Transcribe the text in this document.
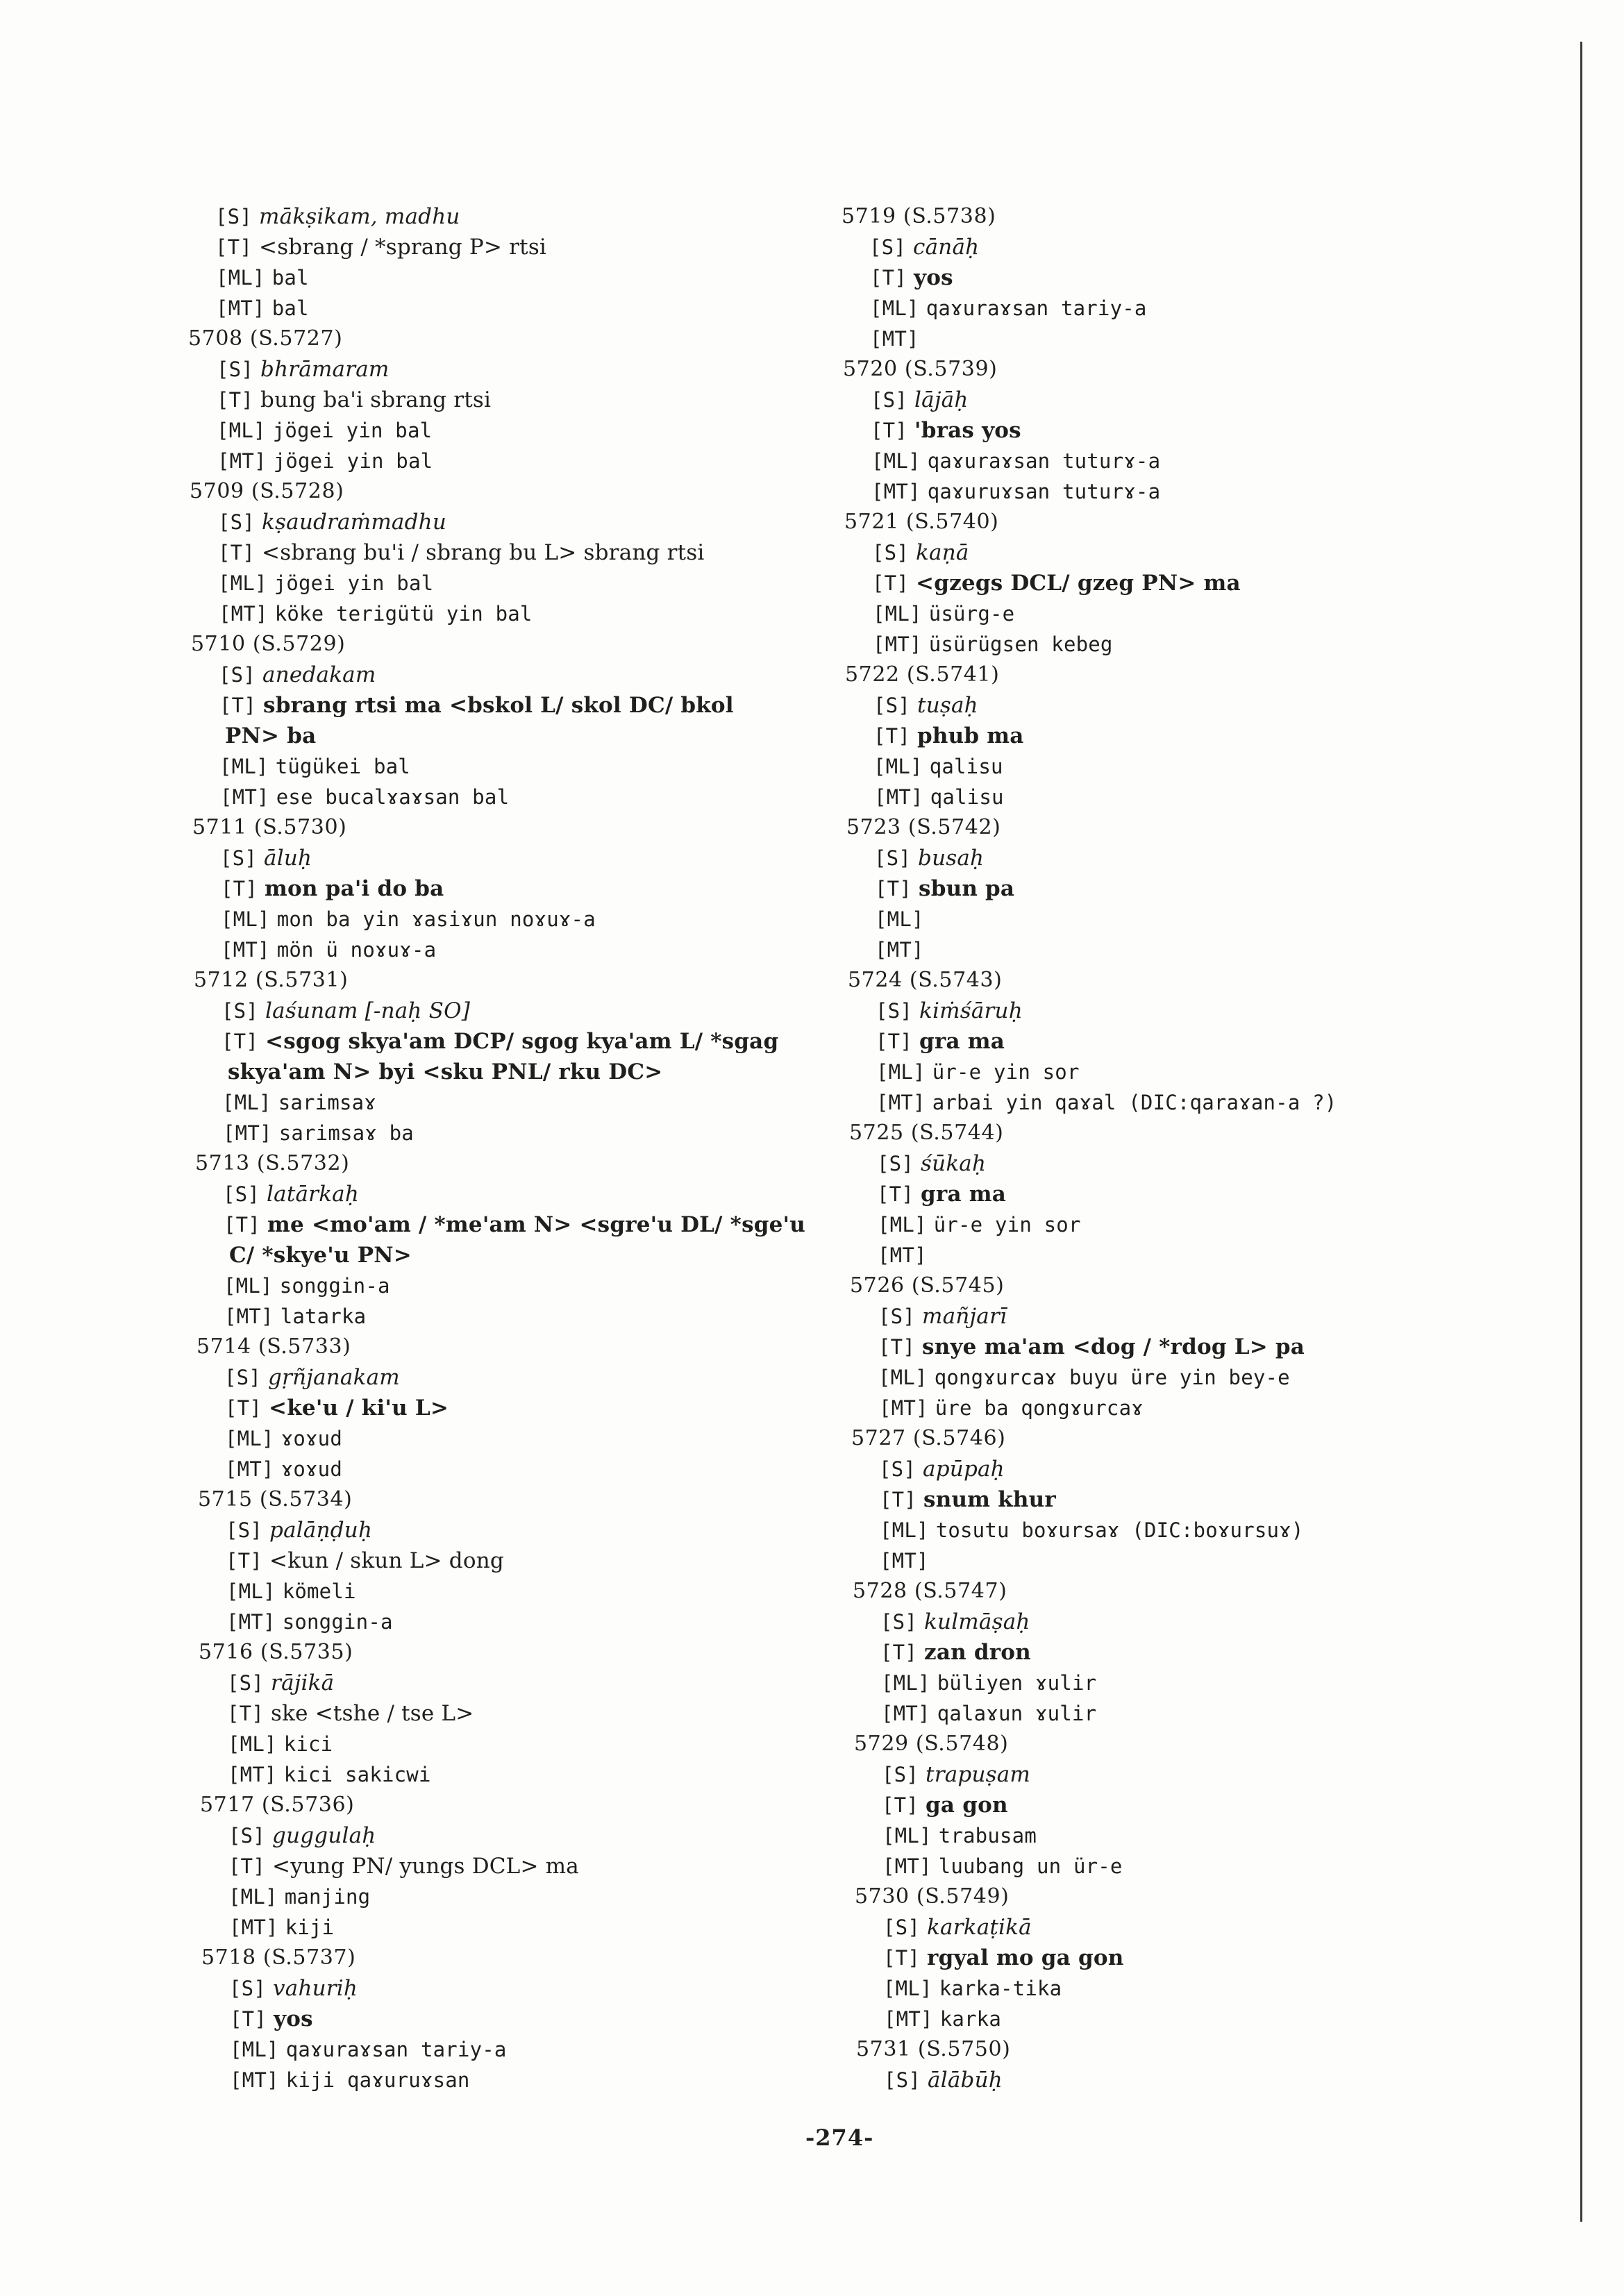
[S] mākṣikam, madhu
[T] <sbrang / *sprang P> rtsi
[ML] bal
[MT] bal
5708 (S.5727)
[S] bhrāmaram
[T] bung ba'i sbrang rtsi
[ML] jögei yin bal
[MT] jögei yin bal
5709 (S.5728)
[S] kṣaudraṁmadhu
[T] <sbrang bu'i / sbrang bu L> sbrang rtsi
[ML] jögei yin bal
[MT] köke terigütü yin bal
5710 (S.5729)
[S] anedakam
[T] sbrang rtsi ma <bskol L/ skol DC/ bkol
PN> ba
[ML] tügükei bal
[MT] ese bucalɤaɤsan bal
5711 (S.5730)
[S] āluḥ
[T] mon pa'i do ba
[ML] mon ba yin ɤasiɤun noɤuɤ-a
[MT] mön ü noɤuɤ-a
5712 (S.5731)
[S] laśunam [-naḥ SO]
[T] <sgog skya'am DCP/ sgog kya'am L/ *sgag
skya'am N> byi <sku PNL/ rku DC>
[ML] sarimsaɤ
[MT] sarimsaɤ ba
5713 (S.5732)
[S] latārkaḥ
[T] me <mo'am / *me'am N> <sgre'u DL/ *sge'u
C/ *skye'u PN>
[ML] songgin-a
[MT] latarka
5714 (S.5733)
[S] gṛñjanakam
[T] <ke'u / ki'u L>
[ML] ɤoɤud
[MT] ɤoɤud
5715 (S.5734)
[S] palāṇḍuḥ
[T] <kun / skun L> dong
[ML] kömeli
[MT] songgin-a
5716 (S.5735)
[S] rājikā
[T] ske <tshe / tse L>
[ML] kici
[MT] kici sakicwi
5717 (S.5736)
[S] guggulaḥ
[T] <yung PN/ yungs DCL> ma
[ML] manjing
[MT] kiji
5718 (S.5737)
[S] vahuriḥ
[T] yos
[ML] qaɤuraɤsan tariy-a
[MT] kiji qaɤuruɤsan
5719 (S.5738)
[S] cānāḥ
[T] yos
[ML] qaɤuraɤsan tariy-a
[MT]
5720 (S.5739)
[S] lājāḥ
[T] 'bras yos
[ML] qaɤuraɤsan tuturɤ-a
[MT] qaɤuruɤsan tuturɤ-a
5721 (S.5740)
[S] kaṇā
[T] <gzegs DCL/ gzeg PN> ma
[ML] üsürg-e
[MT] üsürügsen kebeg
5722 (S.5741)
[S] tuṣaḥ
[T] phub ma
[ML] qalisu
[MT] qalisu
5723 (S.5742)
[S] busaḥ
[T] sbun pa
[ML]
[MT]
5724 (S.5743)
[S] kiṁśāruḥ
[T] gra ma
[ML] ür-e yin sor
[MT] arbai yin qaɤal (DIC:qaraɤan-a ?)
5725 (S.5744)
[S] śūkaḥ
[T] gra ma
[ML] ür-e yin sor
[MT]
5726 (S.5745)
[S] mañjarī
[T] snye ma'am <dog / *rdog L> pa
[ML] qongɤurcaɤ buyu üre yin bey-e
[MT] üre ba qongɤurcaɤ
5727 (S.5746)
[S] apūpaḥ
[T] snum khur
[ML] tosutu boɤursaɤ (DIC:boɤursuɤ)
[MT]
5728 (S.5747)
[S] kulmāṣaḥ
[T] zan dron
[ML] büliyen ɤulir
[MT] qalaɤun ɤulir
5729 (S.5748)
[S] trapuṣam
[T] ga gon
[ML] trabusam
[MT] luubang un ür-e
5730 (S.5749)
[S] karkaṭikā
[T] rgyal mo ga gon
[ML] karka-tika
[MT] karka
5731 (S.5750)
[S] ālābūḥ
-274-
